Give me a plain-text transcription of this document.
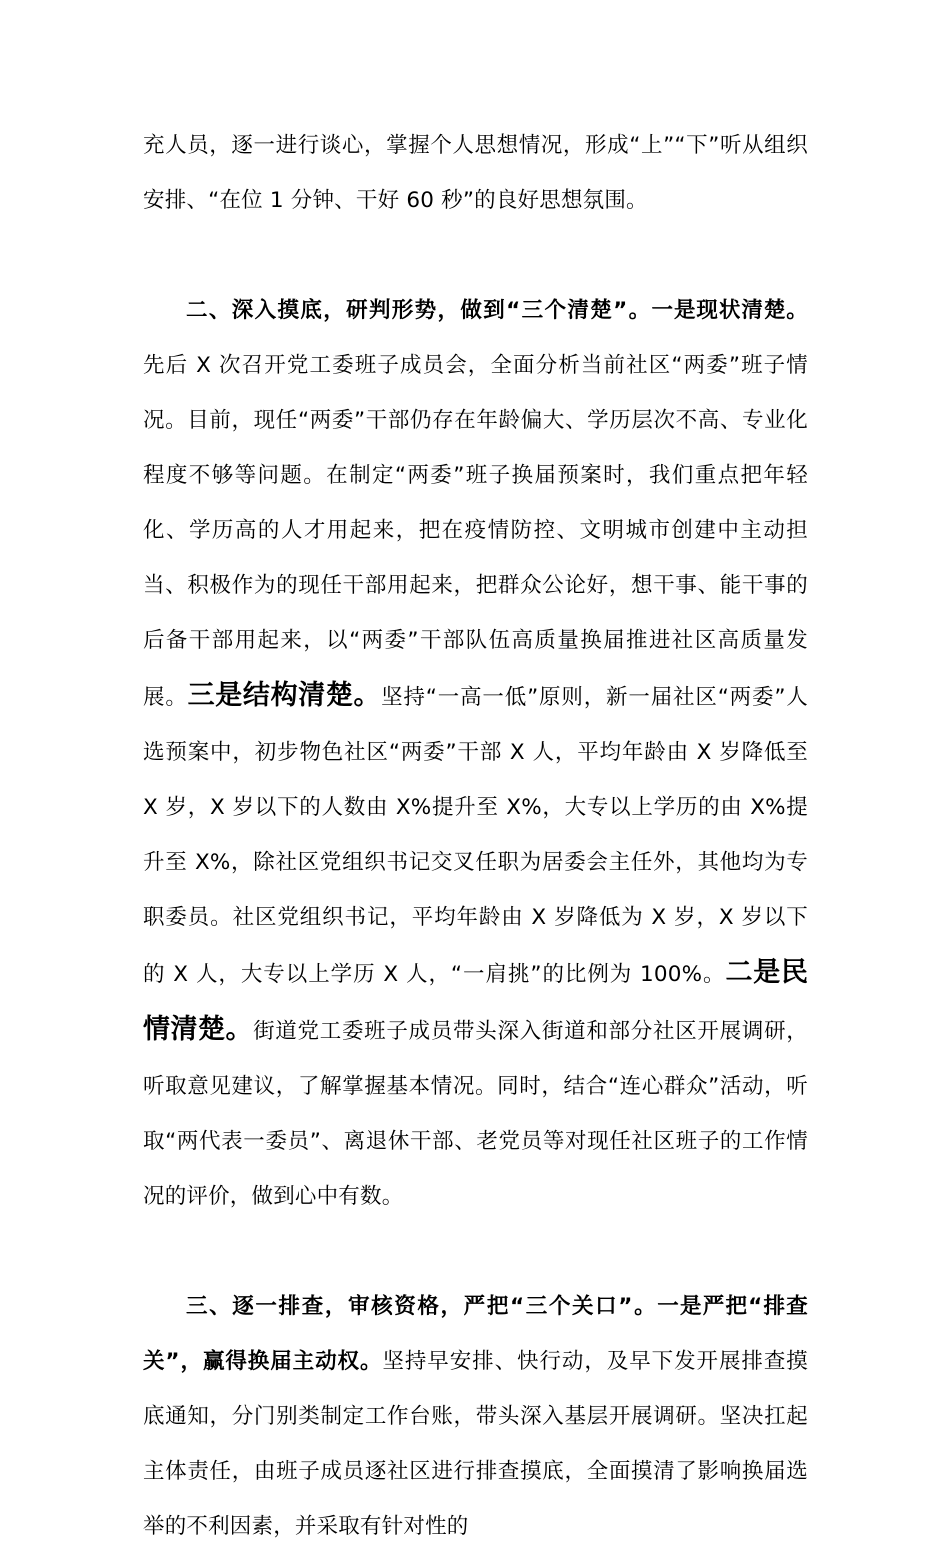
充人员，逐一进行谈心，掌握个人思想情况，形成“上”“下”听从组织安排、“在位 1 分钟、干好 60 秒”的良好思想氛围。

二、深入摸底，研判形势，做到“三个清楚”。一是现状清楚。先后 X 次召开党工委班子成员会，全面分析当前社区“两委”班子情况。目前，现任“两委”干部仍存在年龄偏大、学历层次不高、专业化程度不够等问题。在制定“两委”班子换届预案时，我们重点把年轻化、学历高的人才用起来，把在疫情防控、文明城市创建中主动担当、积极作为的现任干部用起来，把群众公论好，想干事、能干事的后备干部用起来，以“两委”干部队伍高质量换届推进社区高质量发展。三是结构清楚。坚持“一高一低”原则，新一届社区“两委”人选预案中，初步物色社区“两委”干部 X 人，平均年龄由 X 岁降低至 X 岁，X 岁以下的人数由 X%提升至 X%，大专以上学历的由 X%提升至 X%，除社区党组织书记交叉任职为居委会主任外，其他均为专职委员。社区党组织书记，平均年龄由 X 岁降低为 X 岁，X 岁以下的 X 人，大专以上学历 X 人，“一肩挑”的比例为 100%。二是民情清楚。街道党工委班子成员带头深入街道和部分社区开展调研，听取意见建议，了解掌握基本情况。同时，结合“连心群众”活动，听取“两代表一委员”、离退休干部、老党员等对现任社区班子的工作情况的评价，做到心中有数。

三、逐一排查，审核资格，严把“三个关口”。一是严把“排查关”，赢得换届主动权。坚持早安排、快行动，及早下发开展排查摸底通知，分门别类制定工作台账，带头深入基层开展调研。坚决扛起主体责任，由班子成员逐社区进行排查摸底，全面摸清了影响换届选举的不利因素，并采取有针对性的
